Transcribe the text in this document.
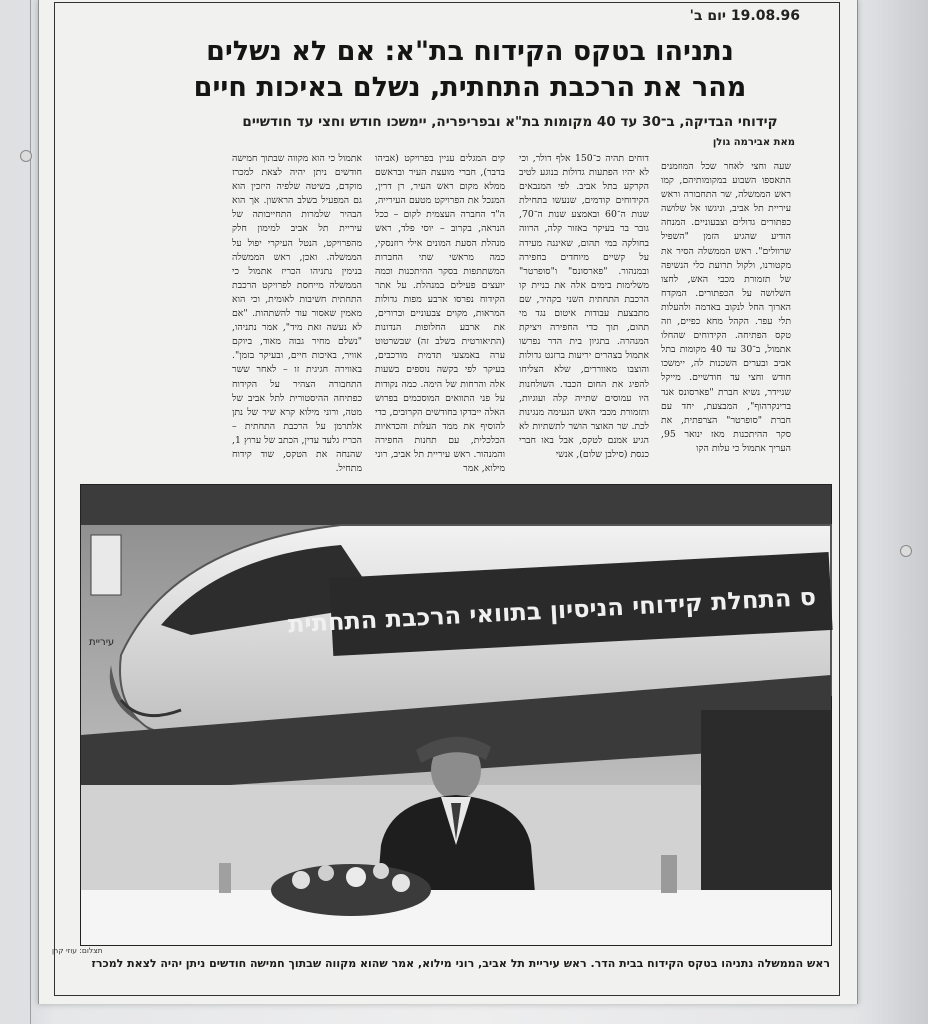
19.08.96 יום ב'
נתניהו בטקס הקידוח בת"א: אם לא נשלים
מהר את הרכבת התחתית, נשלם באיכות חיים
קידוחי הבדיקה, ב־30 עד 40 מקומות בת"א ובפריפריה, יימשכו חודש וחצי עד חודשיים
מאת אבירמה גולן
שעה וחצי לאחר שכל המוזמנים התאספו השבוע במקומותיהם, קמו ראש הממשלה, שר התחבורה וראש עיריית תל אביב, וניגשו אל שלושה כפתורים גדולים וצבעוניים. המנחה הודיע שהגיע הזמן "השפיל שרוולים". ראש הממשלה הסיר את מקטורנו, ולקול תרועת כלי הנשיפה של תזמורת מכבי האש, לחצו השלושה על הכפתורים. המקדח הארוך החל לנקוב באדמה ולהעלות תלי עפר. הקהל מחא כפיים, וזה טקס הפתיחה. הקידוחים שהחלו אתמול, ב־30 עד 40 מקומות בתל אביב ובערים השכנות לה, יימשכו חודש וחצי עד חודשיים. מייקל שניידר, נשיא חברת "פארסונס אנד ברינקרהוף", המבצעת, יחד עם חברת "סופרטר" הצרפתית, את סקר ההיתכנות מאז ינואר 95, העריך אתמול כי עלות הקו
דוחים תהיה כ־150 אלף דולר, וכי לא יהיו הפתעות גדולות בנוגע לטיב הקרקע בתל אביב. לפי המנבאים הקידוחים קודמים, שנעשו בתחילת שנות ה־60 ובאמצע שנות ה־70, גובר בר בעיקר באזור קלה, הרווה בחולקה במי תהום, שאיננה מעידה על קשיים מיוחדים בחפירה ובמנהור. "פארסונס" ו"סופרטר" משלימות בימים אלה את בניית קו הרכבת התחתית השני בקהיר, שם מתבצעת עבודות איטום נגד מי תהום, תוך כדי החפירה ויציקת המנהרה. בתגיון בית הדר נפרשו אתמול בצהרים יריעות ברזנט גדולות והוצבו מאווררים, שלא הצליחו להפיג את החום הכבד. השולחנות היו עמוסים שתייה קלה ועוגיות, ותזמורת מכבי האש הנעימה מנגינות לכת. שר האוצר הושר לתשתיות לא הגיע אמנם לטקס, אבל באו חברי כנסת (סילבן שלום), אנשי
קים המגלים עניין בפרויקט (אביהו בדבר), חברי מועצת העיר ובראשם ממלא מקום ראש העיר, רן דרין, המנכל את הפרויקט מטעם העירייה, ה"ד החברה העצמית לקום – ככל הנראה, בקרוב – יוסי פלד, ראש מנהלת הסעת המונים אילי רוזנסקי, כמה מראשי שתי החברות המשתתפות בסקר ההיתכנות וכמה יועצים פעילים במנהלת. על אתר הקידוח נפרסו ארבע מפות גדולות המראות, מקוים צבעוניים וברורים, את ארבע החלופות הנדונות (התיאורטית בשלב זה) שבשרטוט ערה באמצעי תדמית מורכבים, בעיקר לפי בקשה נוספים בשעות אלה והרחות של הימה. כמה נקודות על פני התוואים המוסכמים בפרוש האלה ייבדקו בחודשים הקרובים, כדי להוסיף את ממד העלות והכדאיות הכלכלית, עם תחנות החפירה והמנהור. ראש עיריית תל אביב, רוני מילוא, אמר
אתמול כי הוא מקווה שבתוך חמישה חודשים ניתן יהיה לצאת למכרז מוקדם, בשיטה שלפיה היזכין הוא גם המפעיל בשלב הראשון. אך הוא הבהיר שלמרות התחייבותה של עיריית תל אביב למימון חלק מהפרויקט, הנטל העיקרי יפול על הממשלה. ואכן, ראש הממשלה בנימין נתניהו הכריז אתמול כי הממשלה מייחסת לפרויקט הרכבת התחתית חשיבות לאומית, וכי הוא מאמין שאסור עוד להשתהות. "אם לא נעשה זאת מיד", אמר נתניהו, "נשלם מחיר גבוה מאוד, ביוקם אוויר, באיכות חיים, ובעיקר בזמן". באווירה חגיגית זו – לאחר ששר התחבורה הצהיר על הקידוח כפתיחה ההיסטורית לתל אביב של מטה, ורוני מילוא קרא שיר של נתן אלתרמן על הרכבת התחתית – הכריז גלעד עדין, הכתב של ערוץ 1, שהנחה את הטקס, שוד קידוח מתחיל.
ס התחלת קידוחי הניסיון בתוואי הרכבת התחתית
עיריית
תצלום: עוזי קרן
ראש הממשלה נתניהו בטקס הקידוח בבית הדר. ראש עיריית תל אביב, רוני מילוא, אמר שהוא מקווה שבתוך חמישה חודשים ניתן יהיה לצאת למכרז
